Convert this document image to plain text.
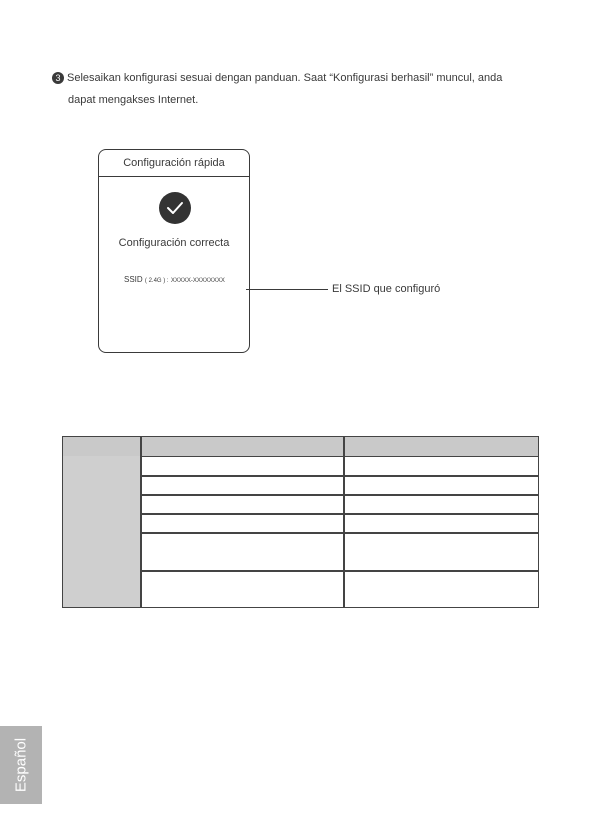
3 Selesaikan konfigurasi sesuai dengan panduan. Saat “Konfigurasi berhasil” muncul, anda
dapat mengakses Internet.
Configuración rápida
Configuración correcta
SSID ( 2.4G ) : XXXXX-XXXXXXXX
El SSID que configuró
Español
